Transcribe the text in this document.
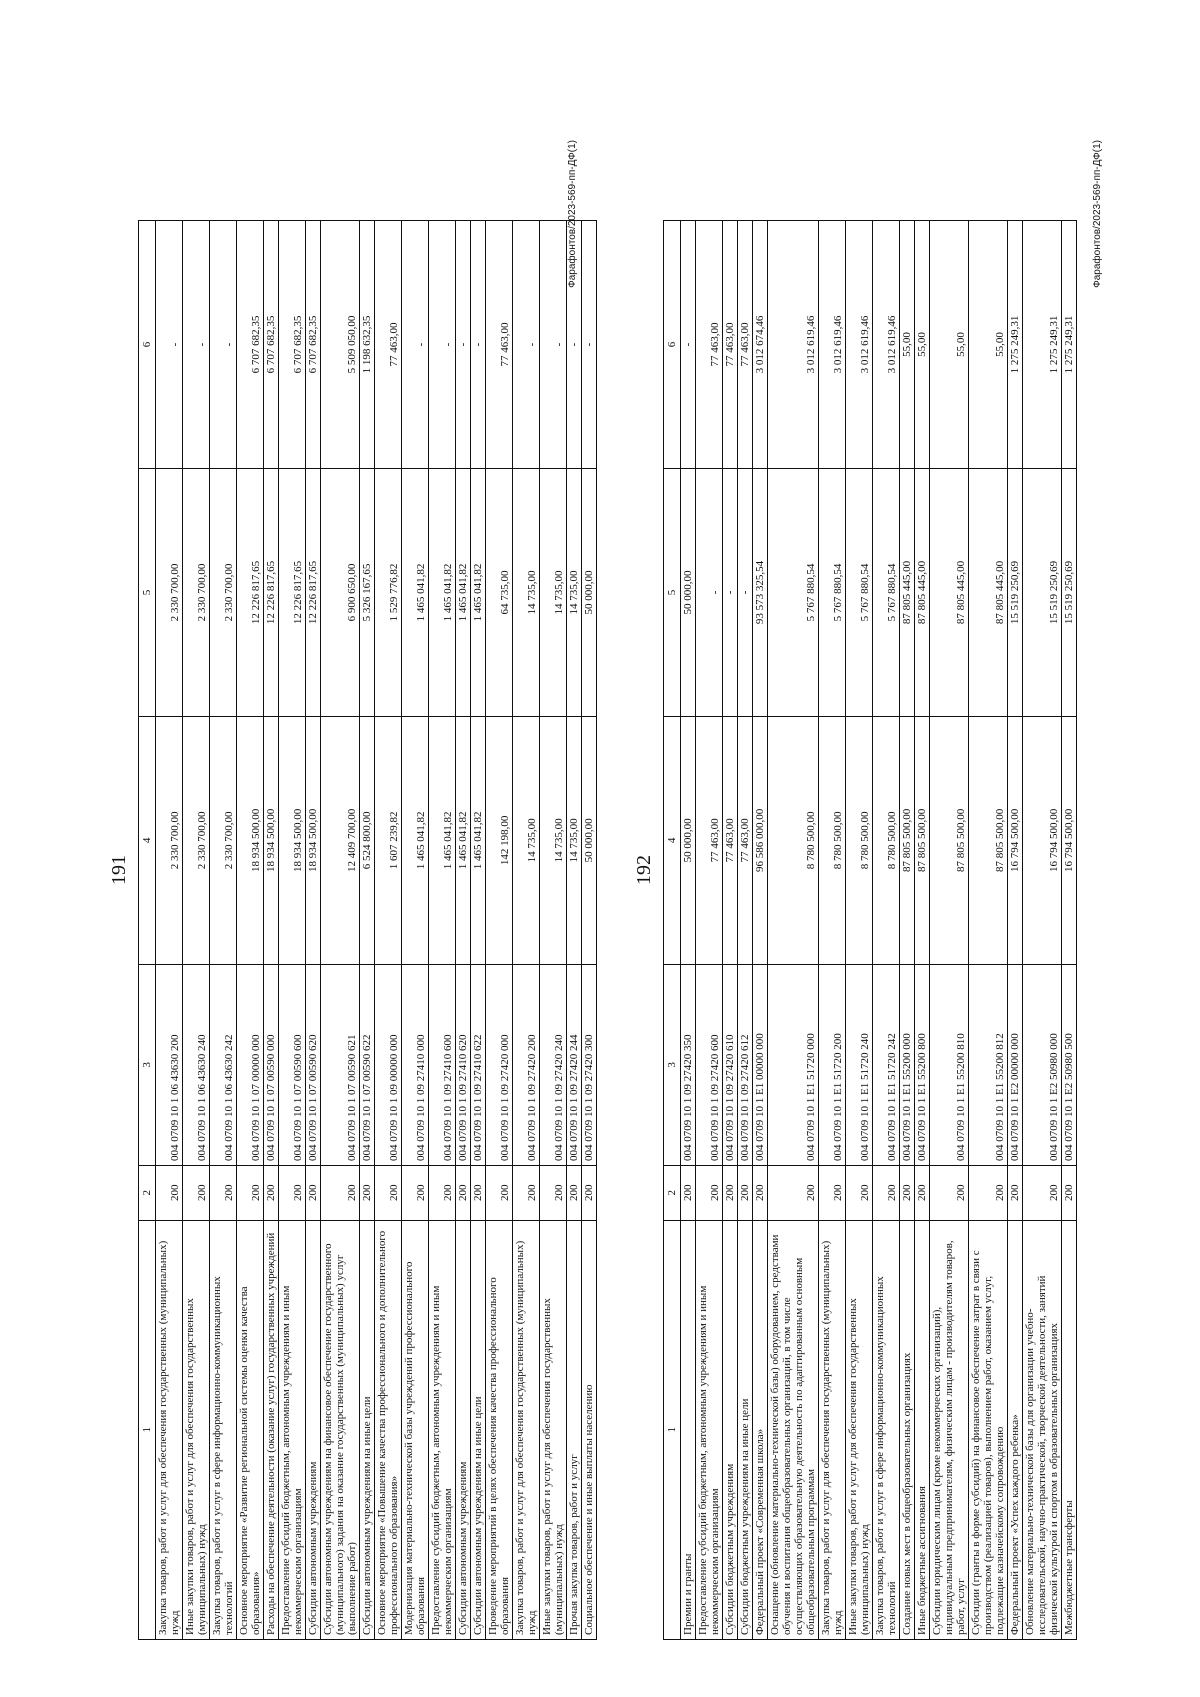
191
1	2	3	4	5	6
Закупка товаров, работ и услуг для обеспечения государственных (муниципальных) нужд	200	004 0709 10 1 06 43630 200	2 330 700,00	2 330 700,00	-
Иные закупки товаров, работ и услуг для обеспечения государственных (муниципальных) нужд	200	004 0709 10 1 06 43630 240	2 330 700,00	2 330 700,00	-
Закупка товаров, работ и услуг в сфере информационно-коммуникационных технологий	200	004 0709 10 1 06 43630 242	2 330 700,00	2 330 700,00	-
Основное мероприятие «Развитие региональной системы оценки качества образования»	200	004 0709 10 1 07 00000 000	18 934 500,00	12 226 817,65	6 707 682,35
Расходы на обеспечение деятельности (оказание услуг) государственных учреждений	200	004 0709 10 1 07 00590 000	18 934 500,00	12 226 817,65	6 707 682,35
Предоставление субсидий бюджетным, автономным учреждениям и иным некоммерческим организациям	200	004 0709 10 1 07 00590 600	18 934 500,00	12 226 817,65	6 707 682,35
Субсидии автономным учреждениям	200	004 0709 10 1 07 00590 620	18 934 500,00	12 226 817,65	6 707 682,35
Субсидии автономным учреждениям на финансовое обеспечение государственного (муниципального) задания на оказание государственных (муниципальных) услуг (выполнение работ)	200	004 0709 10 1 07 00590 621	12 409 700,00	6 900 650,00	5 509 050,00
Субсидии автономным учреждениям на иные цели	200	004 0709 10 1 07 00590 622	6 524 800,00	5 326 167,65	1 198 632,35
Основное мероприятие «Повышение качества профессионального и дополнительного профессионального образования»	200	004 0709 10 1 09 00000 000	1 607 239,82	1 529 776,82	77 463,00
Модернизация материально-технической базы учреждений профессионального образования	200	004 0709 10 1 09 27410 000	1 465 041,82	1 465 041,82	-
Предоставление субсидий бюджетным, автономным учреждениям и иным некоммерческим организациям	200	004 0709 10 1 09 27410 600	1 465 041,82	1 465 041,82	-
Субсидии автономным учреждениям	200	004 0709 10 1 09 27410 620	1 465 041,82	1 465 041,82	-
Субсидии автономным учреждениям на иные цели	200	004 0709 10 1 09 27410 622	1 465 041,82	1 465 041,82	-
Проведение мероприятий в целях обеспечения качества профессионального образования	200	004 0709 10 1 09 27420 000	142 198,00	64 735,00	77 463,00
Закупка товаров, работ и услуг для обеспечения государственных (муниципальных) нужд	200	004 0709 10 1 09 27420 200	14 735,00	14 735,00	-
Иные закупки товаров, работ и услуг для обеспечения государственных (муниципальных) нужд	200	004 0709 10 1 09 27420 240	14 735,00	14 735,00	-
Прочая закупка товаров, работ и услуг	200	004 0709 10 1 09 27420 244	14 735,00	14 735,00	-
Социальное обеспечение и иные выплаты населению	200	004 0709 10 1 09 27420 300	50 000,00	50 000,00	-
Фарафонтов/2023-569-пп-ДФ(1)
192
1	2	3	4	5	6
Премии и гранты	200	004 0709 10 1 09 27420 350	50 000,00	50 000,00	-
Предоставление субсидий бюджетным, автономным учреждениям и иным некоммерческим организациям	200	004 0709 10 1 09 27420 600	77 463,00	-	77 463,00
Субсидии бюджетным учреждениям	200	004 0709 10 1 09 27420 610	77 463,00	-	77 463,00
Субсидии бюджетным учреждениям на иные цели	200	004 0709 10 1 09 27420 612	77 463,00	-	77 463,00
Федеральный проект «Современная школа»	200	004 0709 10 1 E1 00000 000	96 586 000,00	93 573 325,54	3 012 674,46
Оснащение (обновление материально-технической базы) оборудованием, средствами обучения и воспитания общеобразовательных организаций, в том числе осуществляющих образовательную деятельность по адаптированным основным общеобразовательным программам	200	004 0709 10 1 E1 51720 000	8 780 500,00	5 767 880,54	3 012 619,46
Закупка товаров, работ и услуг для обеспечения государственных (муниципальных) нужд	200	004 0709 10 1 E1 51720 200	8 780 500,00	5 767 880,54	3 012 619,46
Иные закупки товаров, работ и услуг для обеспечения государственных (муниципальных) нужд	200	004 0709 10 1 E1 51720 240	8 780 500,00	5 767 880,54	3 012 619,46
Закупка товаров, работ и услуг в сфере информационно-коммуникационных технологий	200	004 0709 10 1 E1 51720 242	8 780 500,00	5 767 880,54	3 012 619,46
Создание новых мест в общеобразовательных организациях	200	004 0709 10 1 E1 55200 000	87 805 500,00	87 805 445,00	55,00
Иные бюджетные ассигнования	200	004 0709 10 1 E1 55200 800	87 805 500,00	87 805 445,00	55,00
Субсидии юридическим лицам (кроме некоммерческих организаций), индивидуальным предпринимателям, физическим лицам - производителям товаров, работ, услуг	200	004 0709 10 1 E1 55200 810	87 805 500,00	87 805 445,00	55,00
Субсидии (гранты в форме субсидий) на финансовое обеспечение затрат в связи с производством (реализацией товаров), выполнением работ, оказанием услуг, подлежащие казначейскому сопровождению	200	004 0709 10 1 E1 55200 812	87 805 500,00	87 805 445,00	55,00
Федеральный проект «Успех каждого ребенка»	200	004 0709 10 1 E2 00000 000	16 794 500,00	15 519 250,69	1 275 249,31
Обновление материально-технической базы для организации учебно-исследовательской, научно-практической, творческой деятельности, занятий физической культурой и спортом в образовательных организациях	200	004 0709 10 1 E2 50980 000	16 794 500,00	15 519 250,69	1 275 249,31
Межбюджетные трансферты	200	004 0709 10 1 E2 50980 500	16 794 500,00	15 519 250,69	1 275 249,31
Фарафонтов/2023-569-пп-ДФ(1)
